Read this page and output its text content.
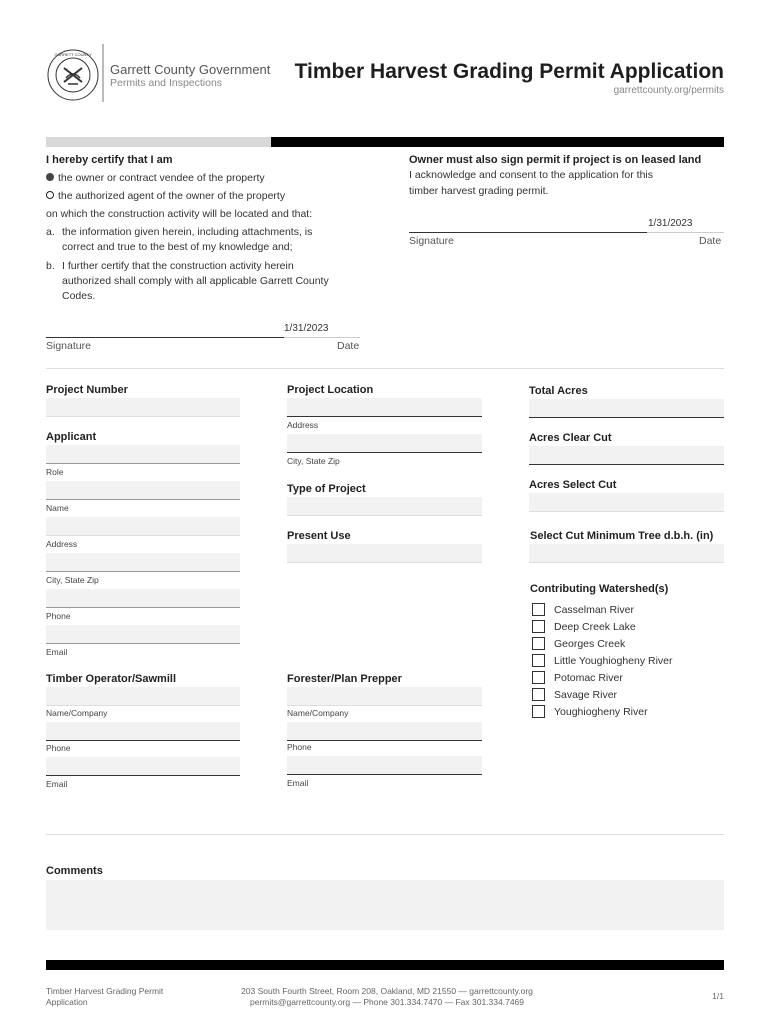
GARRETT COUNTY
Garrett County Government
Permits and Inspections	Timber Harvest Grading Permit Application
garrettcounty.org/permits
I hereby certify that I am
the owner or contract vendee of the property
the authorized agent of the owner of the property
on which the construction activity will be located and that:
a. the information given herein, including attachments, is
correct and true to the best of my knowledge and;
b. I further certify that the construction activity herein
authorized shall comply with all applicable Garrett County
Codes.
1/31/2023
Signature	Date
Owner must also sign permit if project is on leased land
I acknowledge and consent to the application for this
timber harvest grading permit.
1/31/2023
Signature	Date
Project Number
Applicant
Role
Name
Address
City, State Zip
Phone
Email
Project Location
Address
City, State Zip
Type of Project
Present Use
Total Acres
Acres Clear Cut
Acres Select Cut
Select Cut Minimum Tree d.b.h. (in)
Contributing Watershed(s)
Casselman River
Deep Creek Lake
Georges Creek
Little Youghiogheny River
Potomac River
Savage River
Youghiogheny River
Timber Operator/Sawmill
Name/Company
Phone
Email
Forester/Plan Prepper
Name/Company
Phone
Email
Comments
Timber Harvest Grading Permit
Application
203 South Fourth Street, Room 208, Oakland, MD 21550 — garrettcounty.org
permits@garrettcounty.org — Phone 301.334.7470 — Fax 301.334.7469
1/1
